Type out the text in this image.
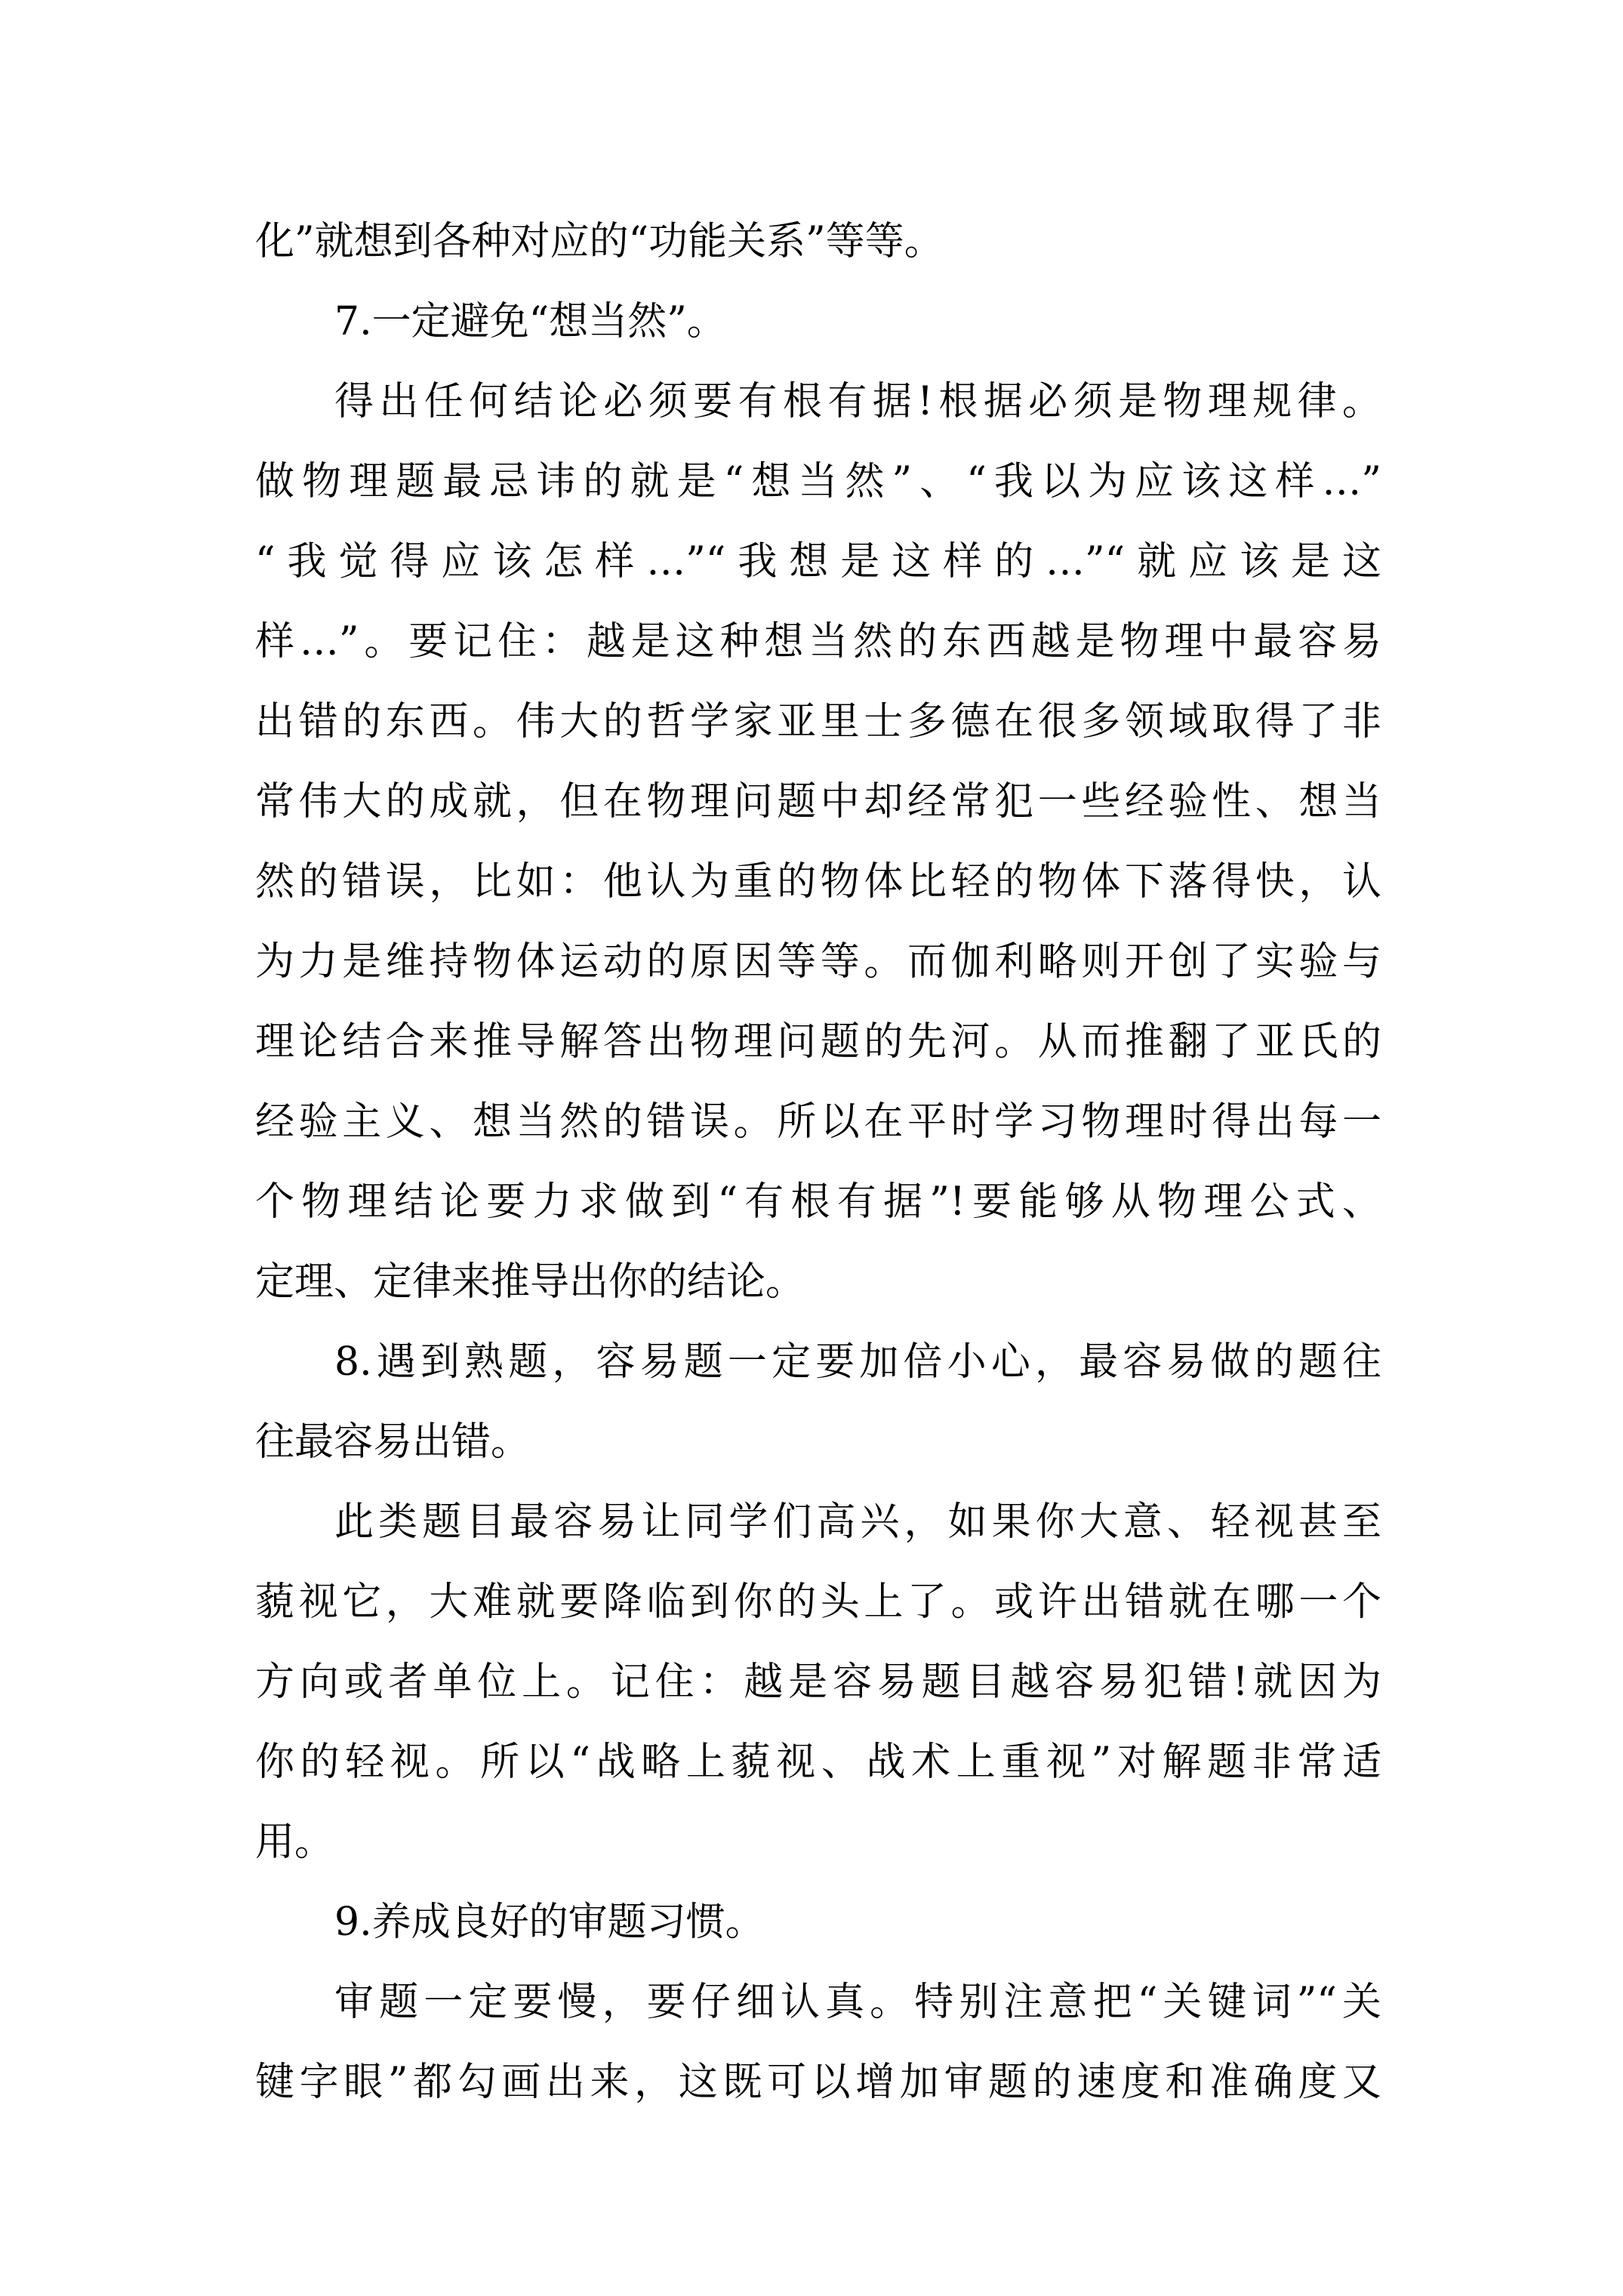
化”就想到各种对应的“功能关系”等等。

7.一定避免“想当然”。

得出任何结论必须要有根有据!根据必须是物理规律。

做物理题最忌讳的就是“想当然”、“我以为应该这样…”

“我觉得应该怎样…”“我想是这样的…”“就应该是这

样…”。要记住：越是这种想当然的东西越是物理中最容易

出错的东西。伟大的哲学家亚里士多德在很多领域取得了非

常伟大的成就，但在物理问题中却经常犯一些经验性、想当

然的错误，比如：他认为重的物体比轻的物体下落得快，认

为力是维持物体运动的原因等等。而伽利略则开创了实验与

理论结合来推导解答出物理问题的先河。从而推翻了亚氏的

经验主义、想当然的错误。所以在平时学习物理时得出每一

个物理结论要力求做到“有根有据”!要能够从物理公式、

定理、定律来推导出你的结论。

8.遇到熟题，容易题一定要加倍小心，最容易做的题往

往最容易出错。

此类题目最容易让同学们高兴，如果你大意、轻视甚至

藐视它，大难就要降临到你的头上了。或许出错就在哪一个

方向或者单位上。记住：越是容易题目越容易犯错!就因为

你的轻视。所以“战略上藐视、战术上重视”对解题非常适

用。

9.养成良好的审题习惯。

审题一定要慢，要仔细认真。特别注意把“关键词”“关

键字眼”都勾画出来，这既可以增加审题的速度和准确度又
